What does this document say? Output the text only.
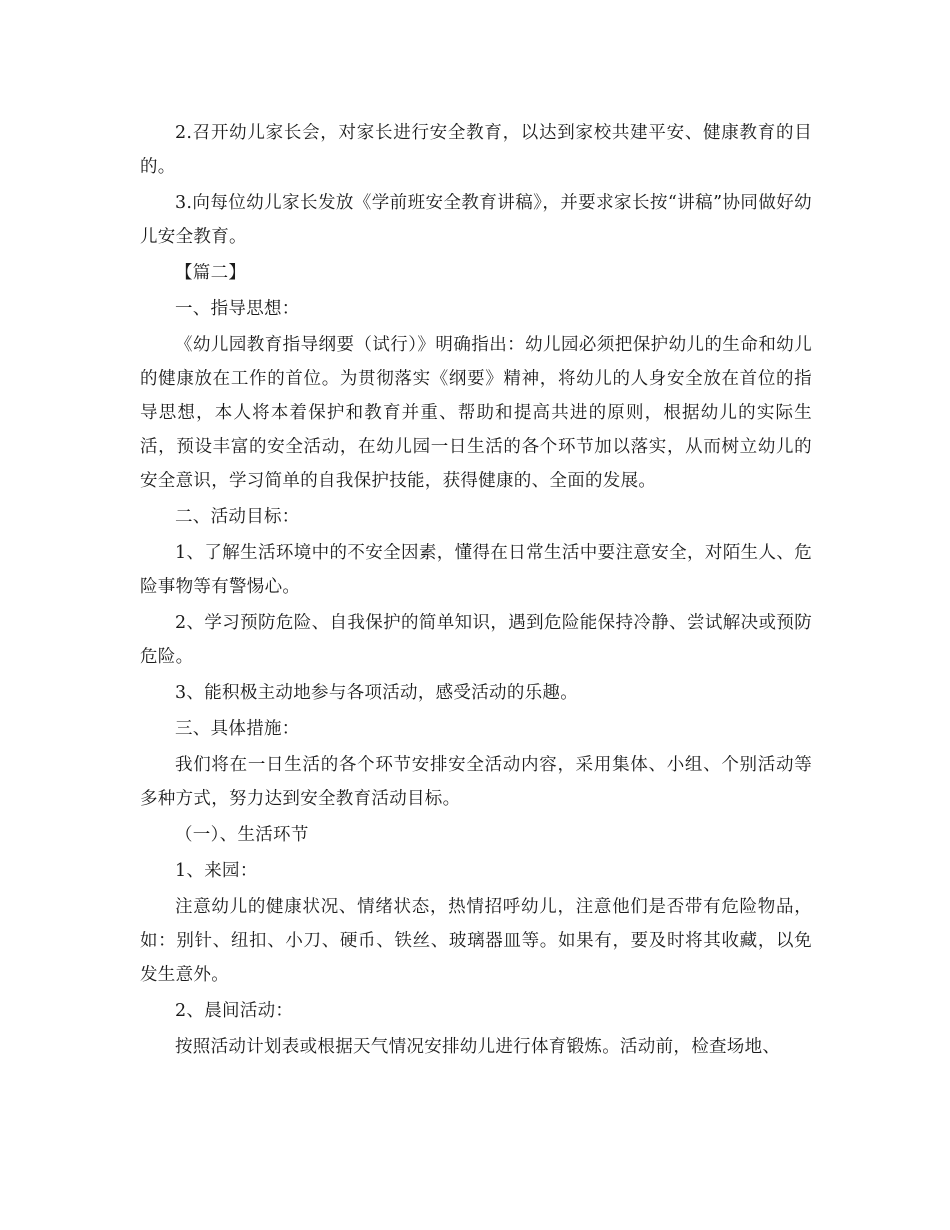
2.召开幼儿家长会，对家长进行安全教育，以达到家校共建平安、健康教育的目的。

3.向每位幼儿家长发放《学前班安全教育讲稿》，并要求家长按“讲稿”协同做好幼儿安全教育。

【篇二】

一、指导思想：

《幼儿园教育指导纲要（试行）》明确指出：幼儿园必须把保护幼儿的生命和幼儿的健康放在工作的首位。为贯彻落实《纲要》精神，将幼儿的人身安全放在首位的指导思想，本人将本着保护和教育并重、帮助和提高共进的原则，根据幼儿的实际生活，预设丰富的安全活动，在幼儿园一日生活的各个环节加以落实，从而树立幼儿的安全意识，学习简单的自我保护技能，获得健康的、全面的发展。

二、活动目标：

1、了解生活环境中的不安全因素，懂得在日常生活中要注意安全，对陌生人、危险事物等有警惕心。

2、学习预防危险、自我保护的简单知识，遇到危险能保持冷静、尝试解决或预防危险。

3、能积极主动地参与各项活动，感受活动的乐趣。

三、具体措施：

我们将在一日生活的各个环节安排安全活动内容，采用集体、小组、个别活动等多种方式，努力达到安全教育活动目标。

（一）、生活环节

1、来园：

注意幼儿的健康状况、情绪状态，热情招呼幼儿，注意他们是否带有危险物品，如：别针、纽扣、小刀、硬币、铁丝、玻璃器皿等。如果有，要及时将其收藏，以免发生意外。

2、晨间活动：

按照活动计划表或根据天气情况安排幼儿进行体育锻炼。活动前，检查场地、
